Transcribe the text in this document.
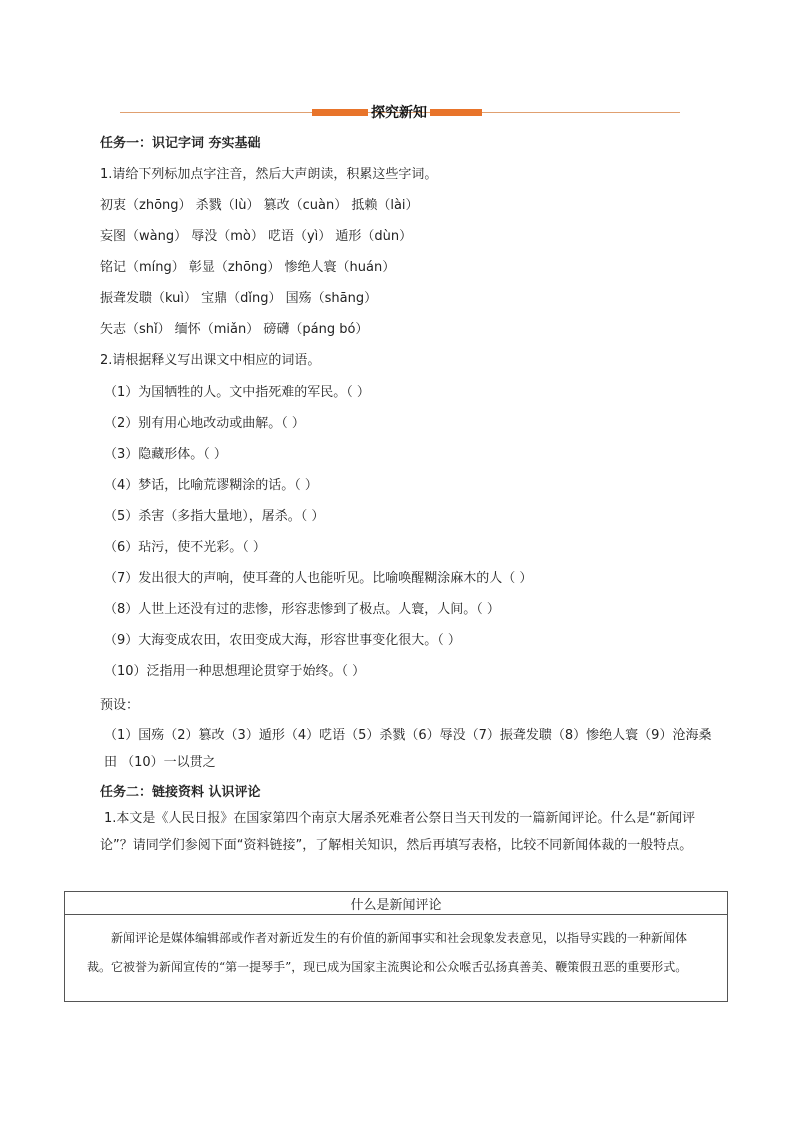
探究新知
任务一：识记字词 夯实基础
1.请给下列标加点字注音，然后大声朗读，积累这些字词。
初衷（zhōng） 杀戮（lù） 篡改（cuàn） 抵赖（lài）
妄图（wàng） 辱没（mò） 呓语（yì） 遁形（dùn）
铭记（míng） 彰显（zhōng） 惨绝人寰（huán）
振聋发聩（kuì） 宝鼎（dǐng） 国殇（shāng）
矢志（shǐ） 缅怀（miǎn） 磅礴（páng bó）
2.请根据释义写出课文中相应的词语。
（1）为国牺牲的人。文中指死难的军民。（ ）
（2）别有用心地改动或曲解。（ ）
（3）隐藏形体。（ ）
（4）梦话，比喻荒谬糊涂的话。（ ）
（5）杀害（多指大量地），屠杀。（ ）
（6）玷污，使不光彩。（ ）
（7）发出很大的声响，使耳聋的人也能听见。比喻唤醒糊涂麻木的人（ ）
（8）人世上还没有过的悲惨，形容悲惨到了极点。人寰，人间。（ ）
（9）大海变成农田，农田变成大海，形容世事变化很大。（ ）
（10）泛指用一种思想理论贯穿于始终。（ ）
预设：
（1）国殇（2）篡改（3）遁形（4）呓语（5）杀戮（6）辱没（7）振聋发聩（8）惨绝人寰（9）沧海桑田 （10）一以贯之
任务二：链接资料 认识评论
1.本文是《人民日报》在国家第四个南京大屠杀死难者公祭日当天刊发的一篇新闻评论。什么是“新闻评论”？请同学们参阅下面“资料链接”，了解相关知识，然后再填写表格，比较不同新闻体裁的一般特点。
什么是新闻评论
新闻评论是媒体编辑部或作者对新近发生的有价值的新闻事实和社会现象发表意见，以指导实践的一种新闻体裁。它被誉为新闻宣传的“第一提琴手”，现已成为国家主流舆论和公众喉舌弘扬真善美、鞭策假丑恶的重要形式。
